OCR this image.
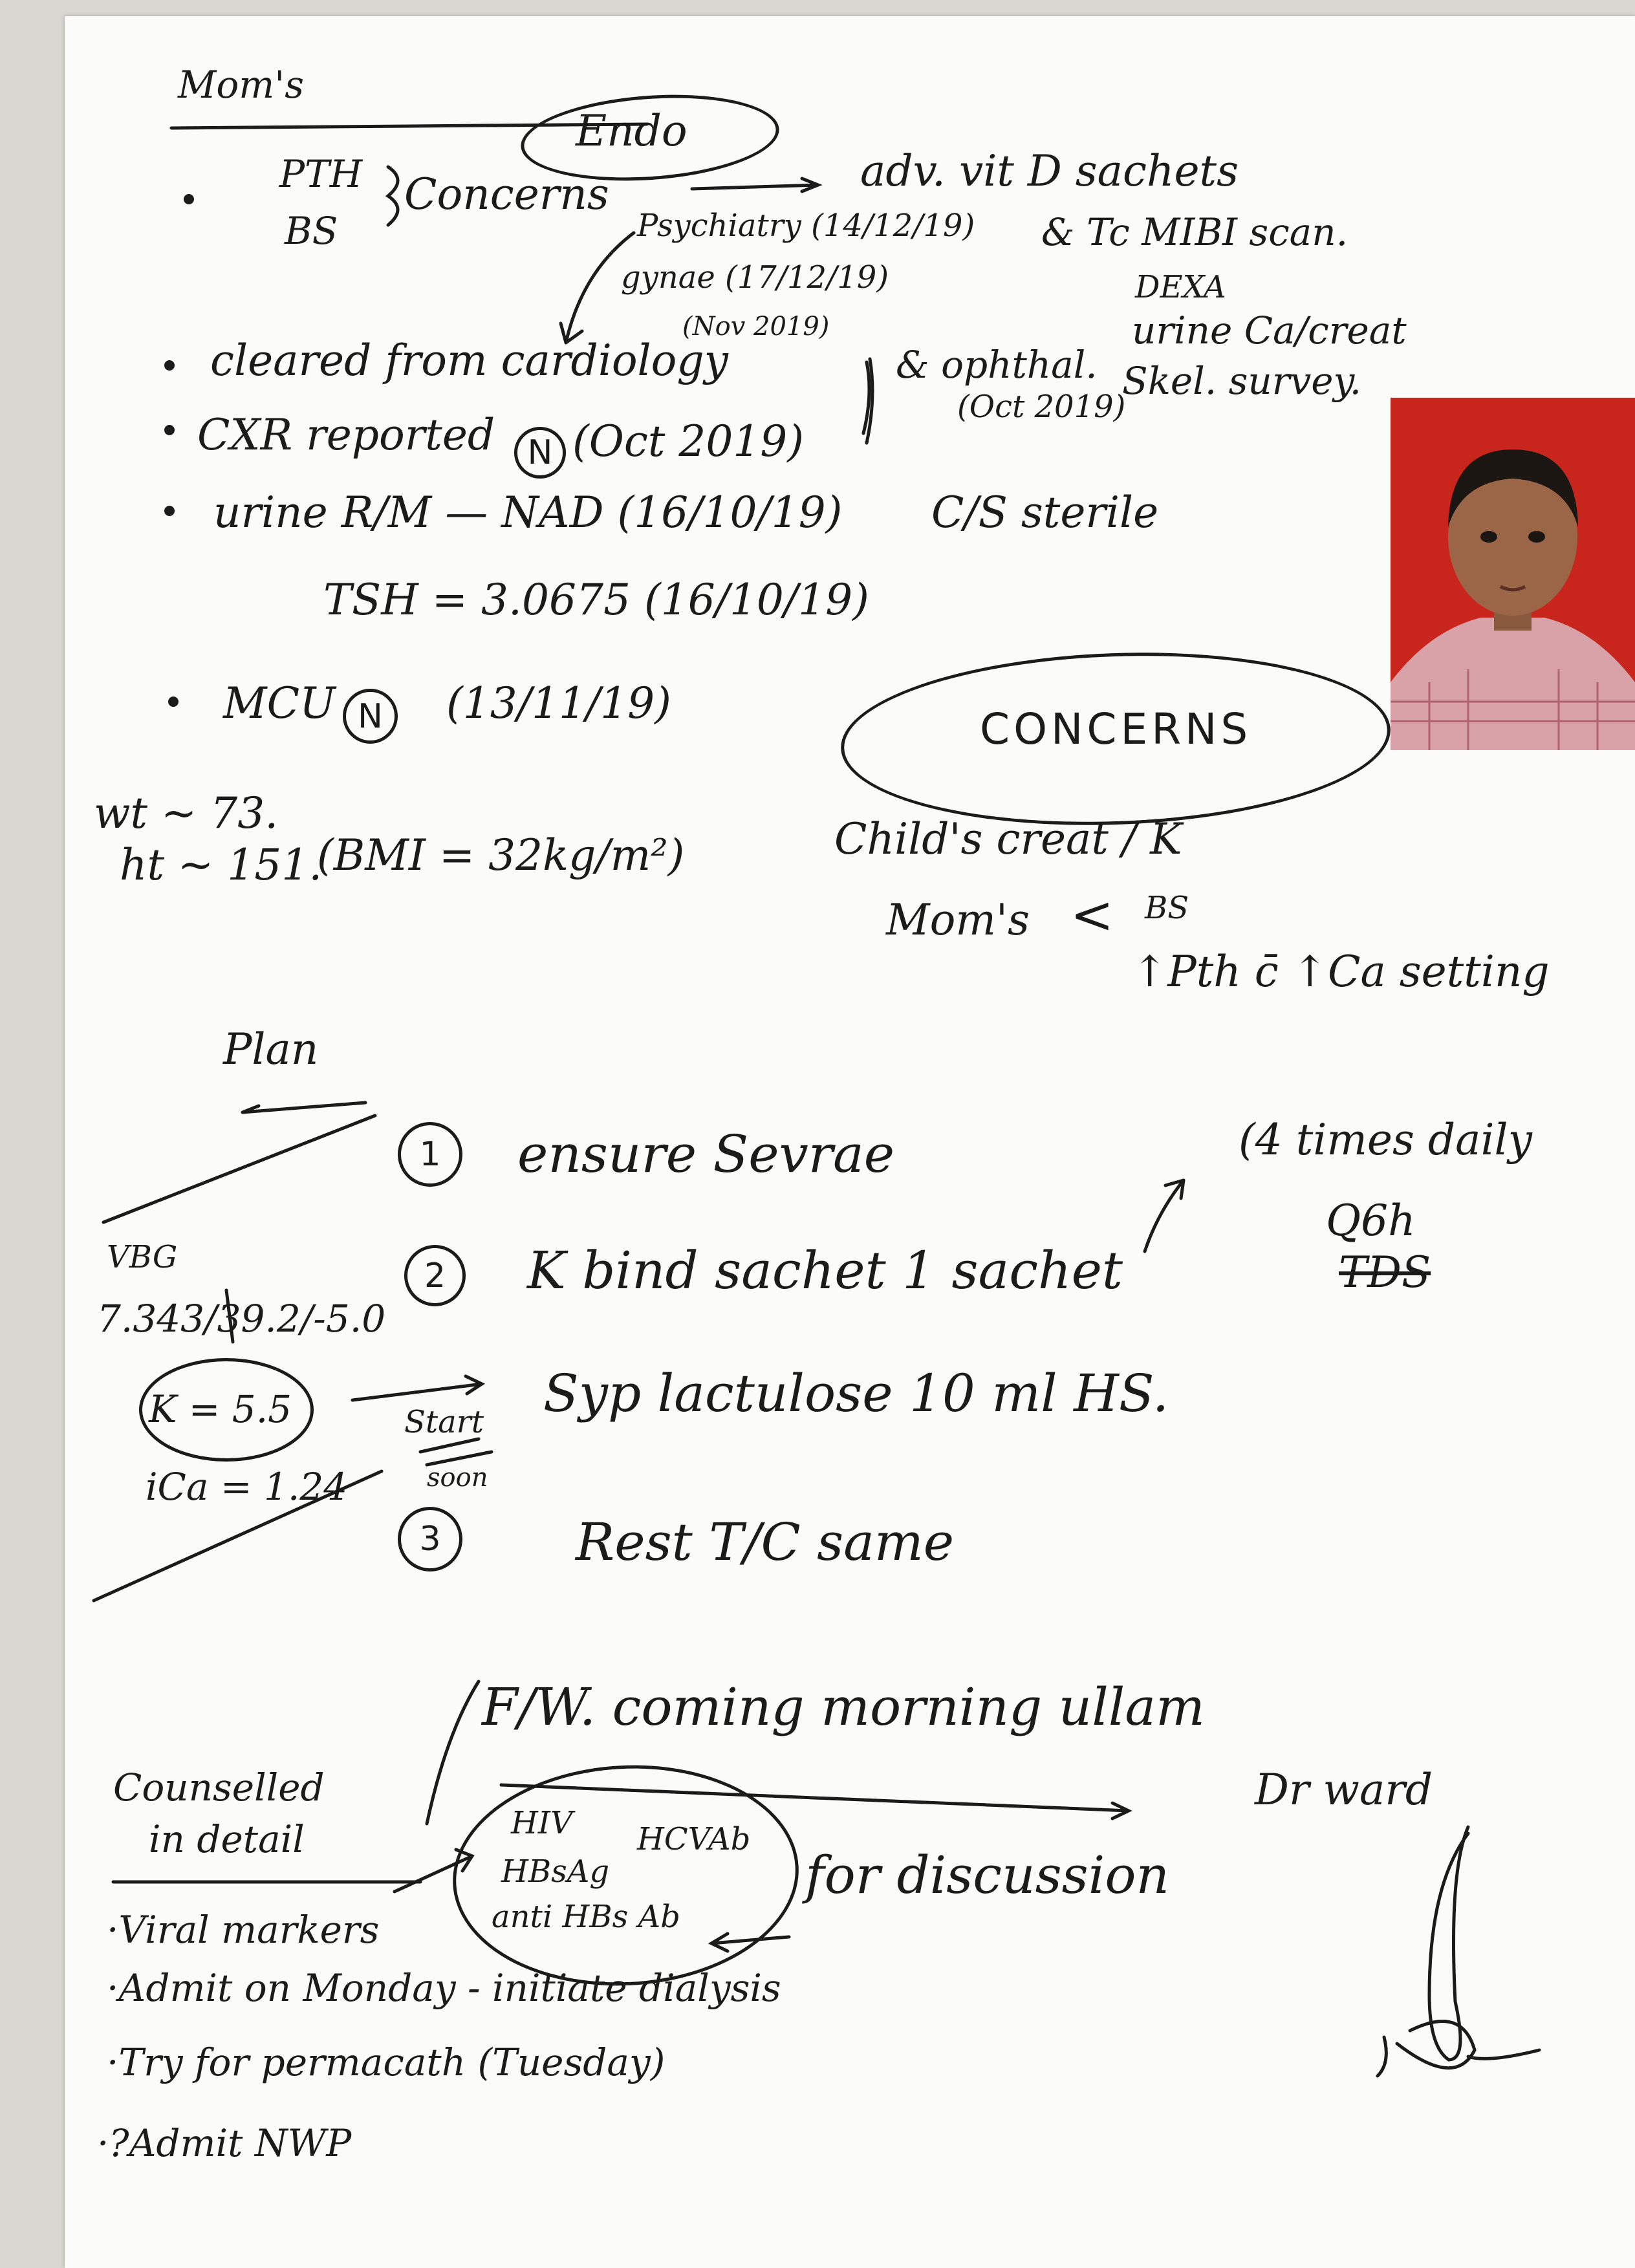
Mom's
Endo
PTH
BS
Concerns	adv. vit D sachets
& Tc MIBI scan.
DEXA
urine Ca/creat
Skel. survey.
Psychiatry (14/12/19)
gynae (17/12/19)
(Nov 2019)
cleared from cardiology	& ophthal.
(Oct 2019)
CXR reported N (Oct 2019)
urine R/M — NAD (16/10/19) C/S sterile
TSH = 3.0675 (16/10/19)
MCU N	(13/11/19)
wt ~ 73.
ht ~ 151.
(BMI = 32kg/m²)
CONCERNS
Child's creat / K
Mom's < BS
↑Pth c̄ ↑Ca setting
Plan
1	ensure Sevrae	(4 times daily
Q6h
VBG
7.343/39.2/-5.0
2	K bind sachet 1 sachet	TDS
K = 5.5
iCa = 1.24
Start
soon
Syp lactulose 10 ml HS.
3	Rest T/C same
F/W. coming morning ullam
Dr ward
Counselled
in detail	HIV HCVAb
HBsAg
anti HBs Ab
for discussion
·Viral markers
·Admit on Monday - initiate dialysis
·Try for permacath (Tuesday)
·?Admit NWP
